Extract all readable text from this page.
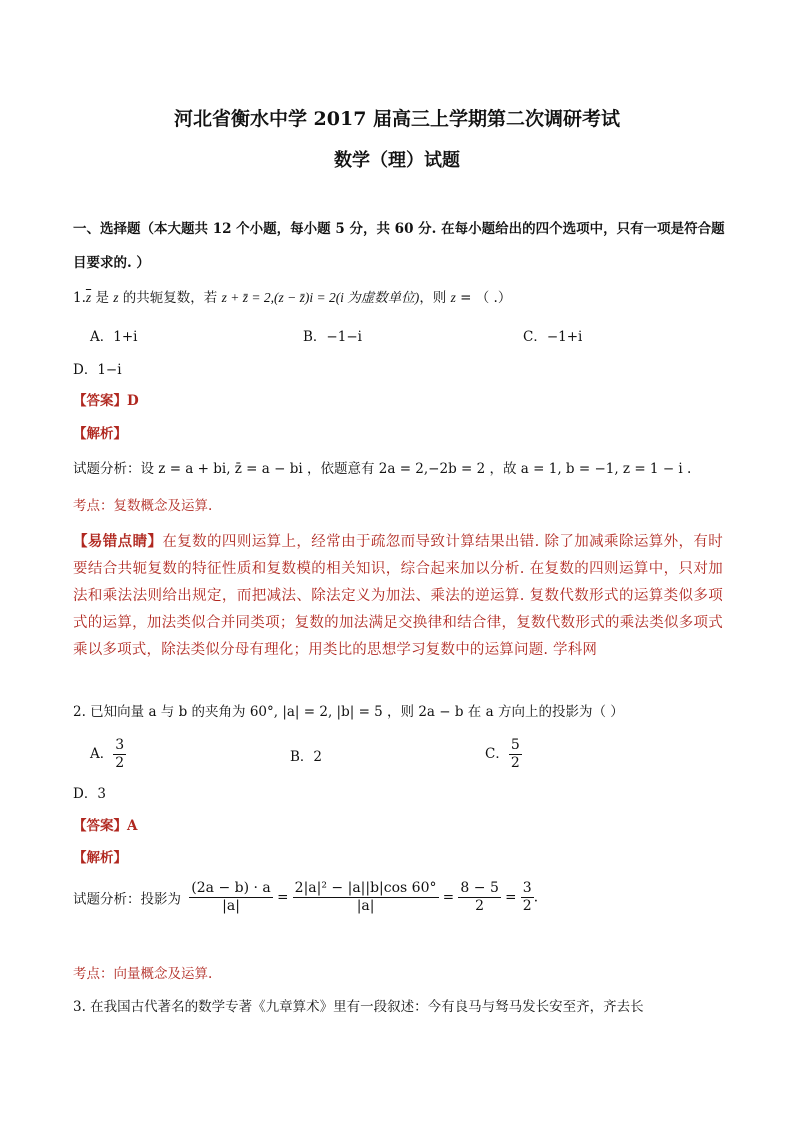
河北省衡水中学 2017 届高三上学期第二次调研考试
数学（理）试题
一、选择题（本大题共 12 个小题，每小题 5 分，共 60 分. 在每小题给出的四个选项中，只有一项是符合题
目要求的. ）
$1.\overline{z}$ 是 z 的共轭复数，若 z + z̄ = 2,(z − z̄)i = 2(i 为虚数单位)，则 z = （ .）
A．1+i	B．−1−i	C．−1+i
D．1−i
【答案】D
【解析】
试题分析：设 z = a + bi, z̄ = a − bi ，依题意有 2a = 2,−2b = 2 ，故 a = 1, b = −1, z = 1 − i .
考点：复数概念及运算.
【易错点睛】在复数的四则运算上，经常由于疏忽而导致计算结果出错. 除了加减乘除运算外，有时要结合共轭复数的特征性质和复数模的相关知识，综合起来加以分析. 在复数的四则运算中，只对加法和乘法法则给出规定，而把减法、除法定义为加法、乘法的逆运算. 复数代数形式的运算类似多项式的运算，加法类似合并同类项；复数的加法满足交换律和结合律，复数代数形式的乘法类似多项式乘以多项式，除法类似分母有理化；用类比的思想学习复数中的运算问题. 学科网
2. 已知向量 a 与 b 的夹角为 60°, |a| = 2, |b| = 5 ，则 2a − b 在 a 方向上的投影为（ ）
A． $\frac{3}{2}$	B．2	C． $\frac{5}{2}$
D．3
【答案】A
【解析】
试题分析：投影为 $\frac{(2a - b) \cdot a}{|a|} = \frac{\text{2|a|² − |a||b|cos 60°}}{|a|} = \frac{8 - 5}{2} = \frac{3}{2}$ .
考点：向量概念及运算.
3. 在我国古代著名的数学专著《九章算术》里有一段叙述：今有良马与驽马发长安至齐，齐去长
